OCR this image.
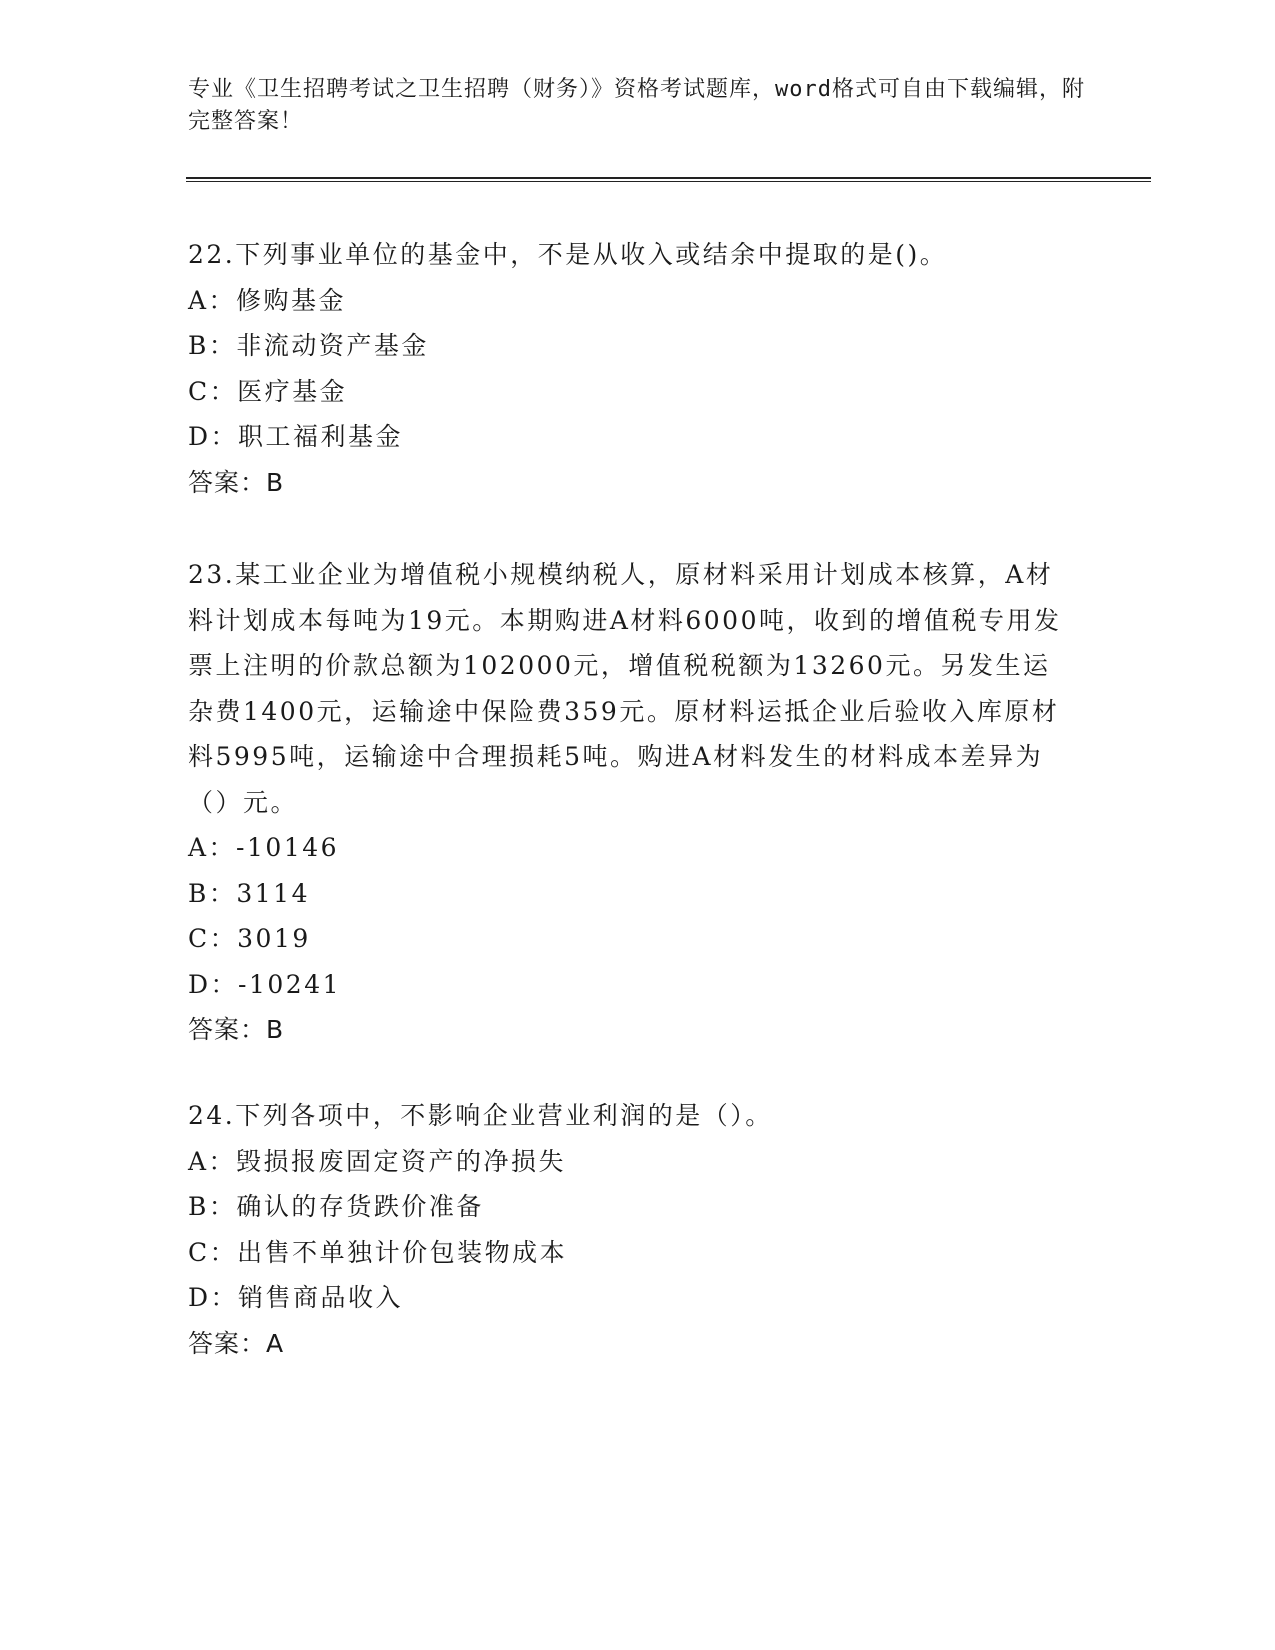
专业《卫生招聘考试之卫生招聘（财务）》资格考试题库，word格式可自由下载编辑，附完整答案！

22.下列事业单位的基金中，不是从收入或结余中提取的是()。

A：修购基金

B：非流动资产基金

C：医疗基金

D：职工福利基金

答案：B

23.某工业企业为增值税小规模纳税人，原材料采用计划成本核算，A材料计划成本每吨为19元。本期购进A材料6000吨，收到的增值税专用发票上注明的价款总额为102000元，增值税税额为13260元。另发生运杂费1400元，运输途中保险费359元。原材料运抵企业后验收入库原材料5995吨，运输途中合理损耗5吨。购进A材料发生的材料成本差异为（）元。

A：-10146

B：3114

C：3019

D：-10241

答案：B

24.下列各项中，不影响企业营业利润的是（）。

A：毁损报废固定资产的净损失

B：确认的存货跌价准备

C：出售不单独计价包装物成本

D：销售商品收入

答案：A
